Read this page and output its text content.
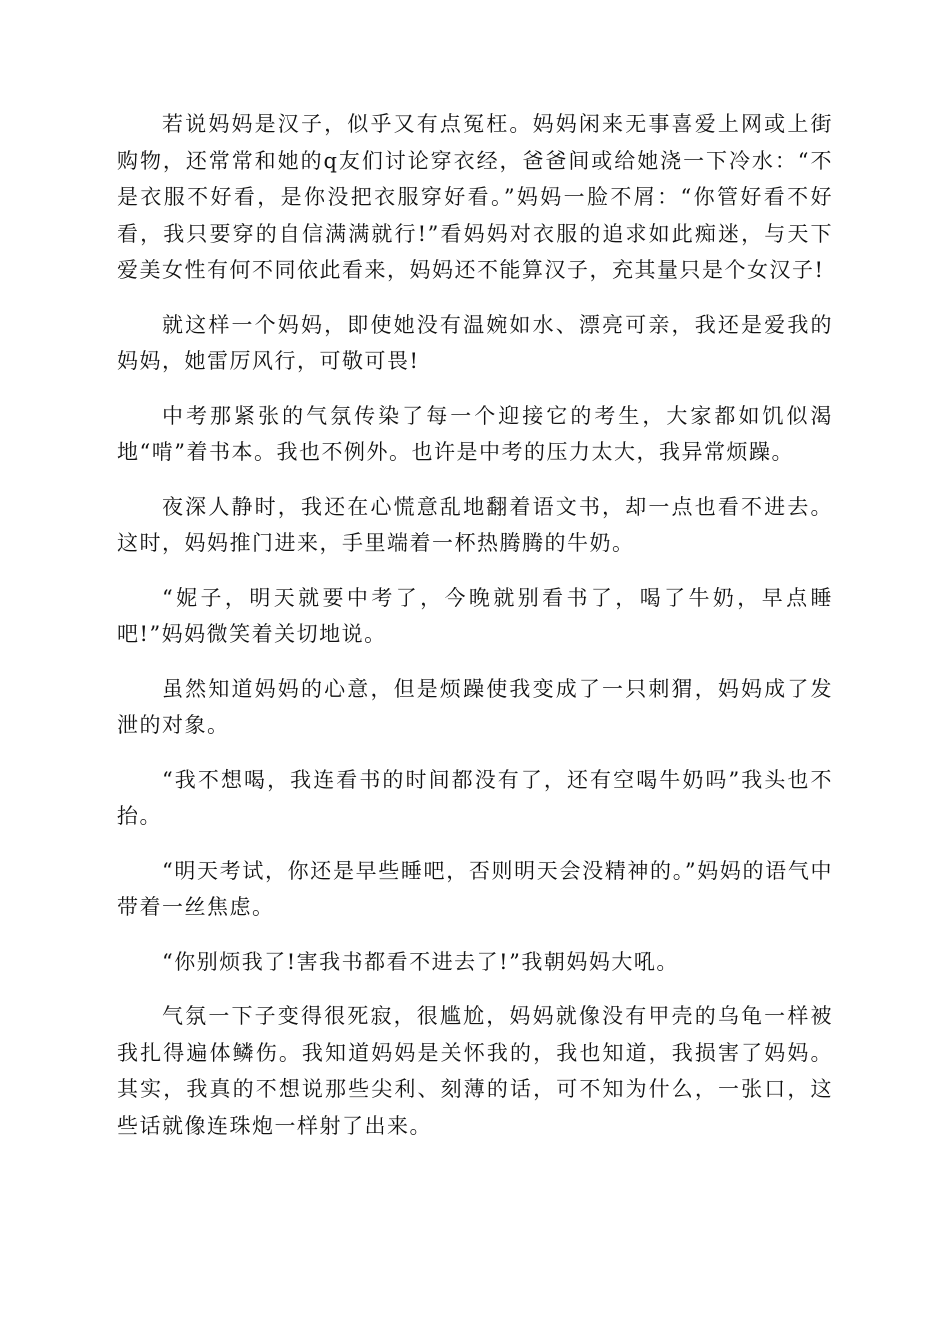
若说妈妈是汉子，似乎又有点冤枉。妈妈闲来无事喜爱上网或上街购物，还常常和她的q友们讨论穿衣经，爸爸间或给她浇一下冷水：“不是衣服不好看，是你没把衣服穿好看。”妈妈一脸不屑：“你管好看不好看，我只要穿的自信满满就行!”看妈妈对衣服的追求如此痴迷，与天下爱美女性有何不同依此看来，妈妈还不能算汉子，充其量只是个女汉子!

就这样一个妈妈，即使她没有温婉如水、漂亮可亲，我还是爱我的妈妈，她雷厉风行，可敬可畏!

中考那紧张的气氛传染了每一个迎接它的考生，大家都如饥似渴地“啃”着书本。我也不例外。也许是中考的压力太大，我异常烦躁。

夜深人静时，我还在心慌意乱地翻着语文书，却一点也看不进去。这时，妈妈推门进来，手里端着一杯热腾腾的牛奶。

“妮子，明天就要中考了，今晚就别看书了，喝了牛奶，早点睡吧!”妈妈微笑着关切地说。

虽然知道妈妈的心意，但是烦躁使我变成了一只刺猬，妈妈成了发泄的对象。

“我不想喝，我连看书的时间都没有了，还有空喝牛奶吗”我头也不抬。

“明天考试，你还是早些睡吧，否则明天会没精神的。”妈妈的语气中带着一丝焦虑。

“你别烦我了!害我书都看不进去了!”我朝妈妈大吼。

气氛一下子变得很死寂，很尴尬，妈妈就像没有甲壳的乌龟一样被我扎得遍体鳞伤。我知道妈妈是关怀我的，我也知道，我损害了妈妈。其实，我真的不想说那些尖利、刻薄的话，可不知为什么，一张口，这些话就像连珠炮一样射了出来。
